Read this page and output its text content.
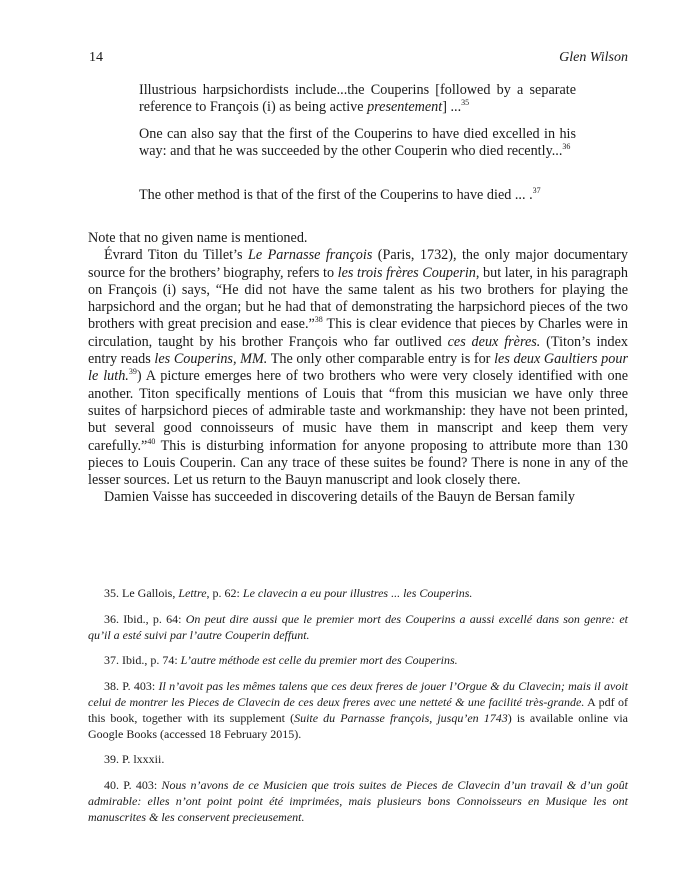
14	Glen Wilson
Illustrious harpsichordists include...the Couperins [followed by a separate reference to François (i) as being active presentement] ...$^{35}$
One can also say that the first of the Couperins to have died excelled in his way: and that he was succeeded by the other Couperin who died recently...$^{36}$
The other method is that of the first of the Couperins to have died ... .$^{37}$

Note that no given name is mentioned.

Évrard Titon du Tillet’s Le Parnasse françois (Paris, 1732), the only major documentary source for the brothers’ biography, refers to les trois frères Couperin, but later, in his paragraph on François (i) says, “He did not have the same talent as his two brothers for playing the harpsichord and the organ; but he had that of demonstrating the harpsichord pieces of the two brothers with great precision and ease.”$^{38}$ This is clear evidence that pieces by Charles were in circulation, taught by his brother François who far outlived ces deux frères. (Titon’s index entry reads les Couperins, MM. The only other comparable entry is for les deux Gaultiers pour le luth.$^{39}$) A picture emerges here of two brothers who were very closely identified with one another. Titon specifically mentions of Louis that “from this musician we have only three suites of harpsichord pieces of admirable taste and workmanship: they have not been printed, but several good connoisseurs of music have them in manscript and keep them very carefully.”$^{40}$ This is disturbing information for anyone proposing to attribute more than 130 pieces to Louis Couperin. Can any trace of these suites be found? There is none in any of the lesser sources. Let us return to the Bauyn manuscript and look closely there.

Damien Vaisse has succeeded in discovering details of the Bauyn de Bersan family

35. Le Gallois, Lettre, p. 62: Le clavecin a eu pour illustres ... les Couperins.

36. Ibid., p. 64: On peut dire aussi que le premier mort des Couperins a aussi excellé dans son genre: et qu’il a esté suivi par l’autre Couperin deffunt.

37. Ibid., p. 74: L’autre méthode est celle du premier mort des Couperins.

38. P. 403: Il n’avoit pas les mêmes talens que ces deux freres de jouer l’Orgue & du Clavecin; mais il avoit celui de montrer les Pieces de Clavecin de ces deux freres avec une netteté & une facilité très-grande. A pdf of this book, together with its supplement (Suite du Parnasse françois, jusqu’en 1743) is available online via Google Books (accessed 18 February 2015).

39. P. lxxxii.

40. P. 403: Nous n’avons de ce Musicien que trois suites de Pieces de Clavecin d’un travail & d’un goût admirable: elles n’ont point point été imprimées, mais plusieurs bons Connoisseurs en Musique les ont manuscrites & les conservent precieusement.
